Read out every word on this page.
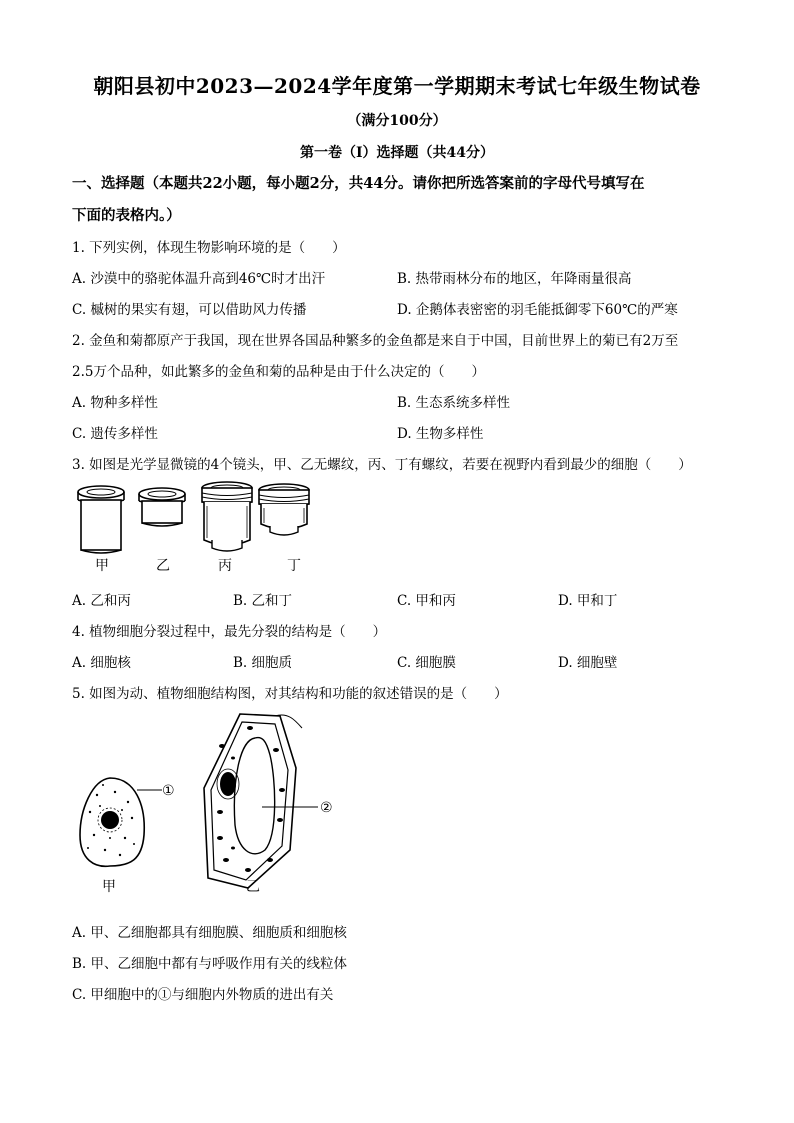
朝阳县初中2023—2024学年度第一学期期末考试七年级生物试卷
（满分100分）
第一卷（I）选择题（共44分）
一、选择题（本题共22小题，每小题2分，共44分。请你把所选答案前的字母代号填写在
下面的表格内。）
1. 下列实例，体现生物影响环境的是（　　）
A. 沙漠中的骆驼体温升高到46℃时才出汗	B. 热带雨林分布的地区，年降雨量很高
C. 槭树的果实有翅，可以借助风力传播	D. 企鹅体表密密的羽毛能抵御零下60℃的严寒
2. 金鱼和菊都原产于我国，现在世界各国品种繁多的金鱼都是来自于中国，目前世界上的菊已有2万至
2.5万个品种，如此繁多的金鱼和菊的品种是由于什么决定的（　　）
A. 物种多样性	B. 生态系统多样性
C. 遗传多样性	D. 生物多样性
3. 如图是光学显微镜的4个镜头，甲、乙无螺纹，丙、丁有螺纹，若要在视野内看到最少的细胞（　　）
甲	乙	丙	丁
A. 乙和丙	B. 乙和丁	C. 甲和丙	D. 甲和丁
4. 植物细胞分裂过程中，最先分裂的结构是（　　）
A. 细胞核	B. 细胞质	C. 细胞膜	D. 细胞壁
5. 如图为动、植物细胞结构图，对其结构和功能的叙述错误的是（　　）
①
②
甲	乙
A. 甲、乙细胞都具有细胞膜、细胞质和细胞核
B. 甲、乙细胞中都有与呼吸作用有关的线粒体
C. 甲细胞中的①与细胞内外物质的进出有关
